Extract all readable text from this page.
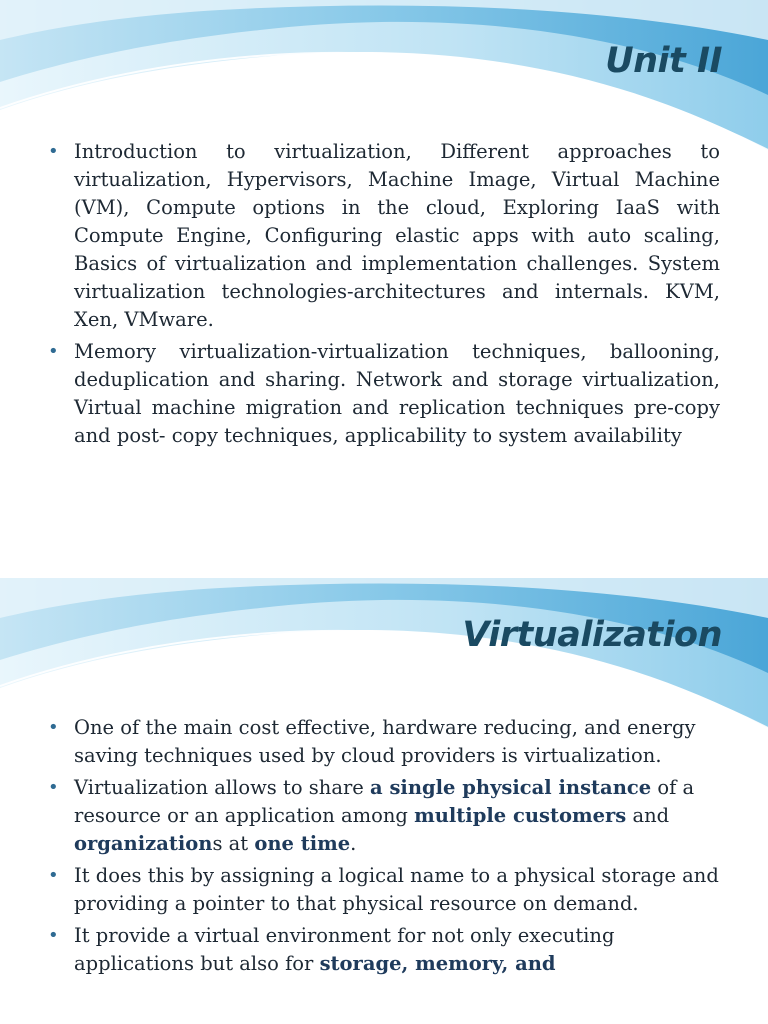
Unit II
• Introduction to virtualization, Different approaches to virtualization, Hypervisors, Machine Image, Virtual Machine (VM), Compute options in the cloud, Exploring IaaS with Compute Engine, Configuring elastic apps with auto scaling, Basics of virtualization and implementation challenges. System virtualization technologies-architectures and internals. KVM, Xen, VMware.
• Memory virtualization-virtualization techniques, ballooning, deduplication and sharing. Network and storage virtualization, Virtual machine migration and replication techniques pre-copy and post- copy techniques, applicability to system availability
Virtualization
• One of the main cost effective, hardware reducing, and energy saving techniques used by cloud providers is virtualization.
• Virtualization allows to share a single physical instance of a resource or an application among multiple customers and organizations at one time.
• It does this by assigning a logical name to a physical storage and providing a pointer to that physical resource on demand.
• It provide a virtual environment for not only executing applications but also for storage, memory, and
